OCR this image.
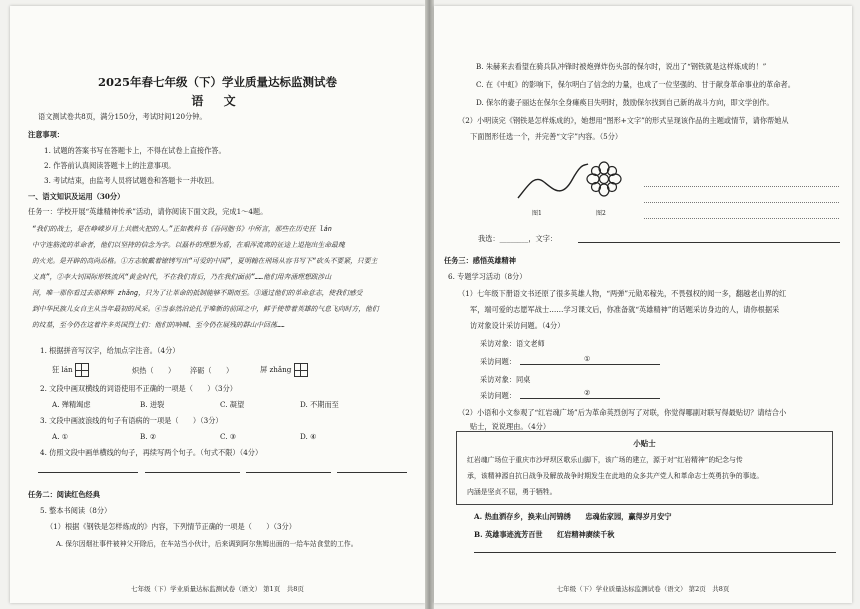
2025年春七年级（下）学业质量达标监测试卷
语 文
语文测试卷共8页，满分150分，考试时间120分钟。
注意事项：
1. 试题的答案书写在答题卡上，不得在试卷上直接作答。
2. 作答前认真阅读答题卡上的注意事项。
3. 考试结束，由监考人员将试题卷和答题卡一并收回。
一、语文知识及运用（30分）
任务一：学校开展“英雄精神传承”活动，请你阅读下面文段，完成1～4题。
“我们的战士，是在峥嵘岁月上共燃火把的人。”正如教科书《吾同胞书》中所言，那些在历史狂 lán
中守连筋流的革命者，他们以坚持的信念为字。以磊朴的理想为盾，在艰浑流离的征途上退拖出生命最瑰
的火光。是开辟的高尚品格。①方志敏戴着镣铐写出“可爱的中国”，夏明翰在刑场从容书写下“砍头不要紧，只要主
义真”，②李大钊国际形铁流风“黄金时代，不在我们背后，乃在我们面前”……他们用奔涌理想跋涉山
河，唯一那你看过去那种辉 zhǎng，只为了让革命的抵制能够不期而至。③通过他们的革命意志，使我们感受
到中华民族儿女自主从当年最初的风采。④当泰然泊论扎于唯新的前国之中，鲜于使带着英雄的气息飞向时方，他们
的坟墓，至今仍在这着许多英国烈士们：他们的呐喊、至今仍在展残的群山中回荡……
1. 根据拼音写汉字，给加点字注音。（4分）
狂 lán	炽热（　　） 淬砺（　　）	屏 zhǎng
2. 文段中画双横线的词语使用不正确的一项是（　　）（3分）
A. 殚精竭虑	B. 迸裂	C. 凝望	D. 不期而至
3. 文段中画波浪线的句子有语病的一项是（　　）（3分）
A. ①	B. ②	C. ③	D. ④
4. 仿照文段中画单横线的句子，再续写两个句子。（句式不限）（4分）
任务二：阅读红色经典
5. 整本书阅读（8分）
（1）根据《钢铁是怎样炼成的》内容，下列情节正确的一项是（　　）（3分）
A. 保尔因烟社事件被神父开除后，在车站当小伙计，后来调到阿尔焦姆出面的一给车站食堂的工作。
七年级（下）学业质量达标监测试卷（语文） 第1页　共8页
B. 朱赫来去看望在骑兵队冲锋时被炮弹炸伤头部的保尔时，说出了“钢铁就是这样炼成的！”
C. 在《中虹》的影响下，保尔明白了信念的力量，也成了一位坚强的、甘于献身革命事业的革命者。
D. 保尔的妻子丽达在保尔全身瘫痪目失明时，鼓励保尔找到自己新的战斗方向，即文学创作。
（2）小明读完《钢铁是怎样炼成的》，她想用“图形+文字”的形式呈现该作品的主题或情节，请你帮她从
下面图形任选一个，并完善“文字”内容。（5分）
图1	图2
我选：________，文字：
任务三：感悟英雄精神
6. 专题学习活动（8分）
（1）七年级下册语文书还原了很多英雄人物，“两弹”元勋邓稼先，不畏强权的闻一多，翻越老山界的红
军，端可爱的志愿军战士……学习课文后，你准备就“英雄精神”的话题采访身边的人，请你根据采
访对象设计采访问题。（4分）
采访对象：语文老师
采访问题：	①
采访对象：同桌
采访问题：	②
（2）小语和小文参观了“红岩魂广场”后为革命英烈创写了对联，你觉得哪副对联写得最贴切？请结合小
贴士，说说理由。（4分）
小贴士
红岩魂广场位于重庆市沙坪坝区歌乐山脚下，该广场的建立，源于对“红岩精神”的纪念与传
承，该精神源自抗日战争及解放战争时期发生在此地的众多共产党人和革命志士英勇抗争的事迹。
内涵是坚贞不屈，勇于牺牲。
A. 热血洒存乡，换来山河锦绣　　忠魂佑家园，赢得岁月安宁
B. 英雄事迹流芳百世　　红岩精神赓续千秋
七年级（下）学业质量达标监测试卷（语文） 第2页　共8页
